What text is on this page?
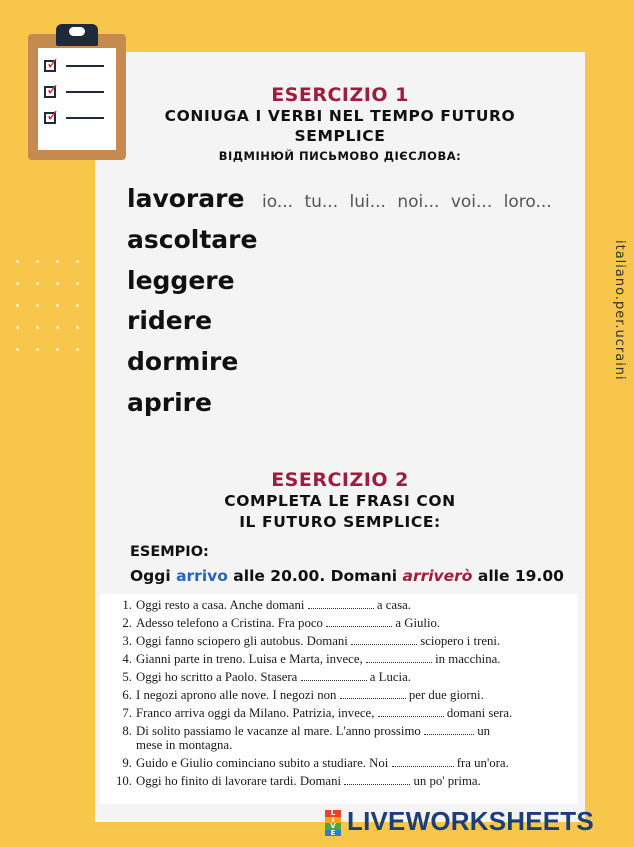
✓
✓
✓
ESERCIZIO 1
CONIUGA I VERBI NEL TEMPO FUTURO
SEMPLICE
ВІДМІНЮЙ ПИСЬМОВО ДІЄСЛОВА:
lavorare
ascoltare
leggere
ridere
dormire
aprire
io... tu... lui... noi... voi... loro...
italiano.per.ucraini
ESERCIZIO 2
COMPLETA LE FRASI CON
IL FUTURO SEMPLICE:
ESEMPIO:
Oggi arrivo alle 20.00. Domani arriverò alle 19.00
1. Oggi resto a casa. Anche domani	a casa.
2. Adesso telefono a Cristina. Fra poco	a Giulio.
3. Oggi fanno sciopero gli autobus. Domani	sciopero i treni.
4. Gianni parte in treno. Luisa e Marta, invece,	in macchina.
5. Oggi ho scritto a Paolo. Stasera	a Lucia.
6. I negozi aprono alle nove. I negozi non	per due giorni.
7. Franco arriva oggi da Milano. Patrizia, invece,	domani sera.
8. Di solito passiamo le vacanze al mare. L'anno prossimo	un
mese in montagna.
9. Guido e Giulio cominciano subito a studiare. Noi	fra un'ora.
10. Oggi ho finito di lavorare tardi. Domani	un po' prima.
L
I
V
E LIVEWORKSHEETS
